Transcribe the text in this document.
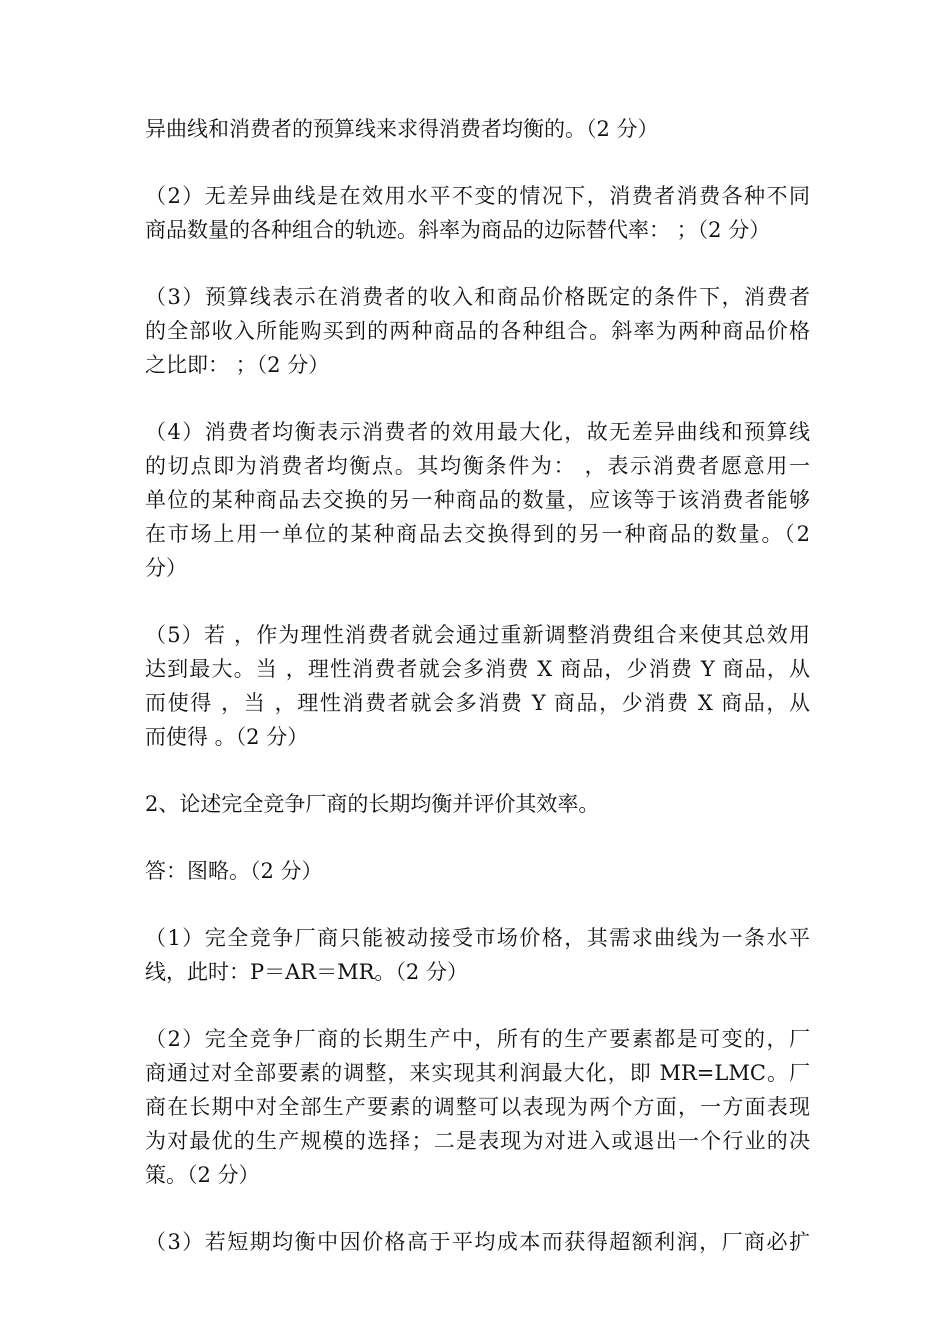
异曲线和消费者的预算线来求得消费者均衡的。（2 分）
（2）无差异曲线是在效用水平不变的情况下，消费者消费各种不同
商品数量的各种组合的轨迹。斜率为商品的边际替代率： ；（2 分）
（3）预算线表示在消费者的收入和商品价格既定的条件下，消费者
的全部收入所能购买到的两种商品的各种组合。斜率为两种商品价格
之比即： ；（2 分）
（4）消费者均衡表示消费者的效用最大化，故无差异曲线和预算线
的切点即为消费者均衡点。其均衡条件为： ，表示消费者愿意用一
单位的某种商品去交换的另一种商品的数量，应该等于该消费者能够
在市场上用一单位的某种商品去交换得到的另一种商品的数量。（2
分）
（5）若 ，作为理性消费者就会通过重新调整消费组合来使其总效用
达到最大。当 ，理性消费者就会多消费 X 商品，少消费 Y 商品，从
而使得 ，当 ，理性消费者就会多消费 Y 商品，少消费 X 商品，从
而使得 。（2 分）
2、论述完全竞争厂商的长期均衡并评价其效率。
答：图略。（2 分）
（1）完全竞争厂商只能被动接受市场价格，其需求曲线为一条水平
线，此时：P＝AR＝MR。（2 分）
（2）完全竞争厂商的长期生产中，所有的生产要素都是可变的，厂
商通过对全部要素的调整，来实现其利润最大化，即 MR=LMC。厂
商在长期中对全部生产要素的调整可以表现为两个方面，一方面表现
为对最优的生产规模的选择；二是表现为对进入或退出一个行业的决
策。（2 分）
（3）若短期均衡中因价格高于平均成本而获得超额利润，厂商必扩
